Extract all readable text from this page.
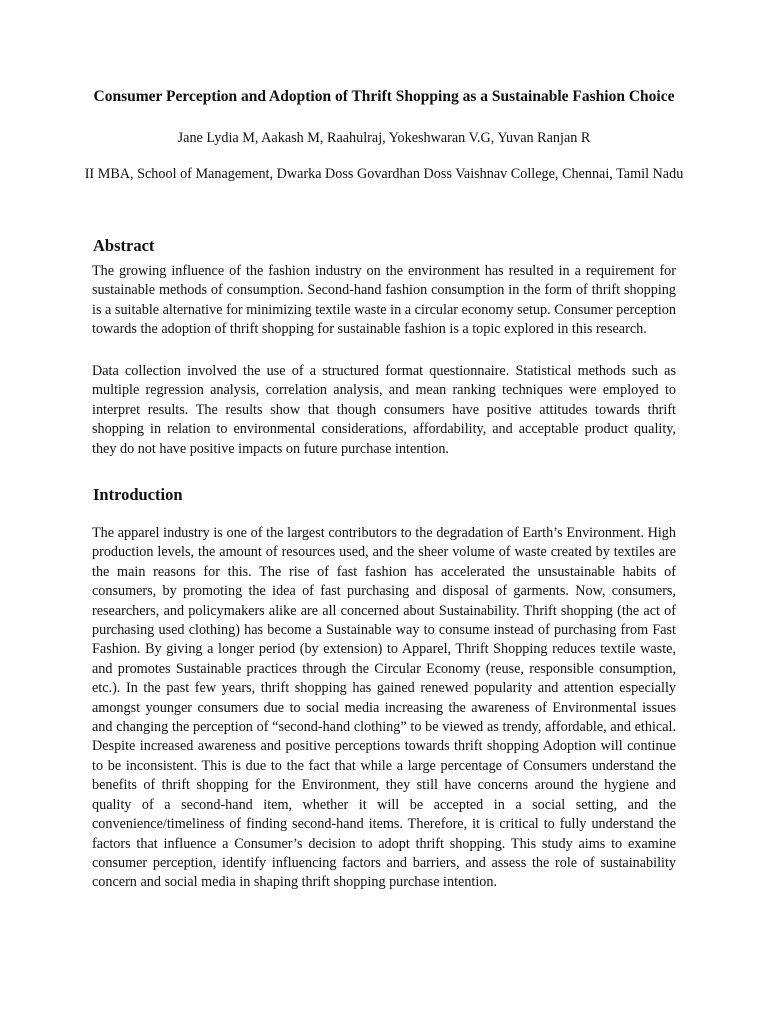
Consumer Perception and Adoption of Thrift Shopping as a Sustainable Fashion Choice
Jane Lydia M, Aakash M, Raahulraj, Yokeshwaran V.G, Yuvan Ranjan R
II MBA, School of Management, Dwarka Doss Govardhan Doss Vaishnav College, Chennai, Tamil Nadu
Abstract

The growing influence of the fashion industry on the environment has resulted in a requirement for sustainable methods of consumption. Second-hand fashion consumption in the form of thrift shopping is a suitable alternative for minimizing textile waste in a circular economy setup. Consumer perception towards the adoption of thrift shopping for sustainable fashion is a topic explored in this research.

Data collection involved the use of a structured format questionnaire. Statistical methods such as multiple regression analysis, correlation analysis, and mean ranking techniques were employed to interpret results. The results show that though consumers have positive attitudes towards thrift shopping in relation to environmental considerations, affordability, and acceptable product quality, they do not have positive impacts on future purchase intention.

Introduction

The apparel industry is one of the largest contributors to the degradation of Earth’s Environment. High production levels, the amount of resources used, and the sheer volume of waste created by textiles are the main reasons for this. The rise of fast fashion has accelerated the unsustainable habits of consumers, by promoting the idea of fast purchasing and disposal of garments. Now, consumers, researchers, and policymakers alike are all concerned about Sustainability. Thrift shopping (the act of purchasing used clothing) has become a Sustainable way to consume instead of purchasing from Fast Fashion. By giving a longer period (by extension) to Apparel, Thrift Shopping reduces textile waste, and promotes Sustainable practices through the Circular Economy (reuse, responsible consumption, etc.). In the past few years, thrift shopping has gained renewed popularity and attention especially amongst younger consumers due to social media increasing the awareness of Environmental issues and changing the perception of “second-hand clothing” to be viewed as trendy, affordable, and ethical. Despite increased awareness and positive perceptions towards thrift shopping Adoption will continue to be inconsistent. This is due to the fact that while a large percentage of Consumers understand the benefits of thrift shopping for the Environment, they still have concerns around the hygiene and quality of a second-hand item, whether it will be accepted in a social setting, and the convenience/timeliness of finding second-hand items. Therefore, it is critical to fully understand the factors that influence a Consumer’s decision to adopt thrift shopping. This study aims to examine consumer perception, identify influencing factors and barriers, and assess the role of sustainability concern and social media in shaping thrift shopping purchase intention.
